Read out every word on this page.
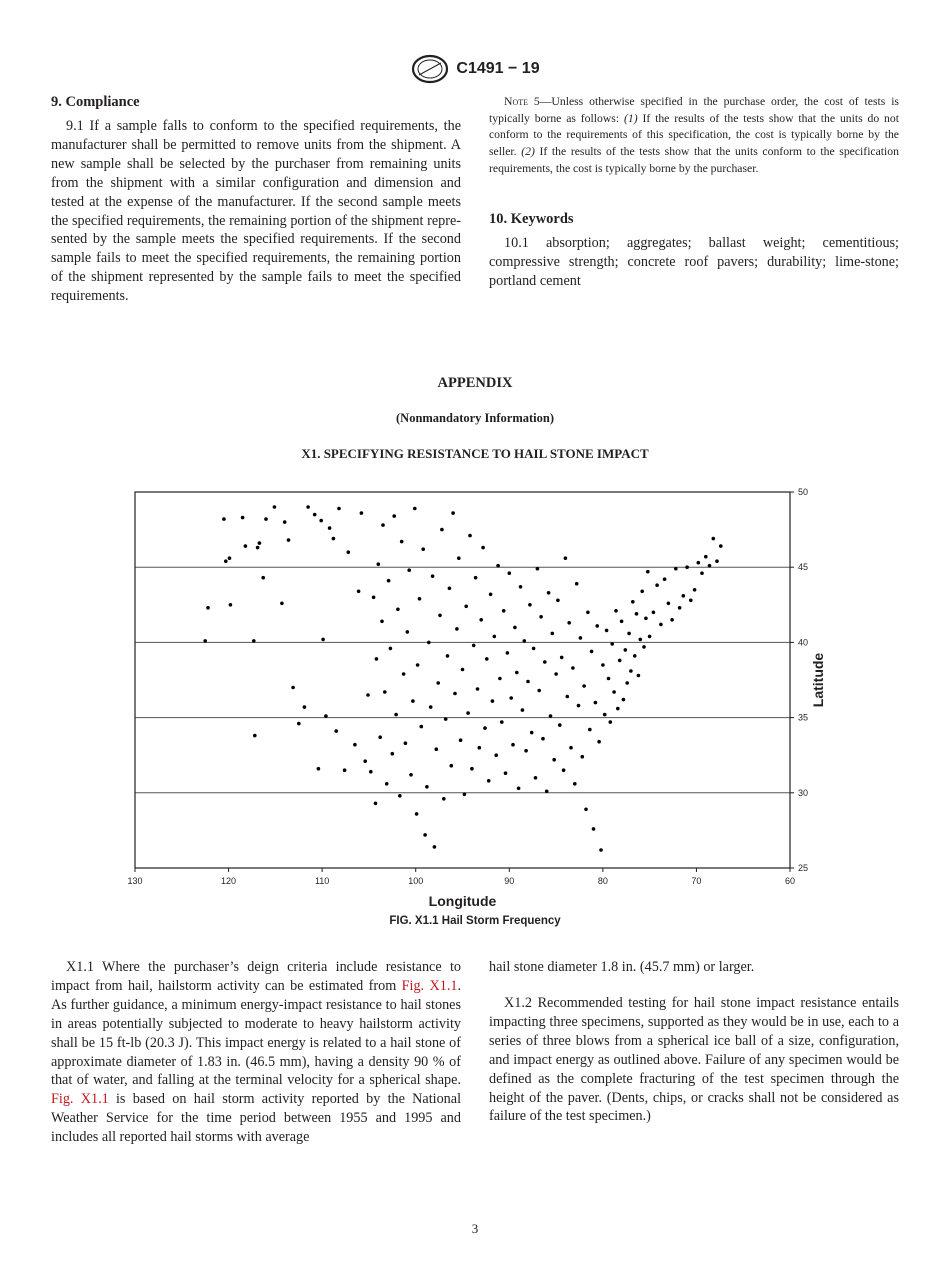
C1491 − 19
9. Compliance

9.1 If a sample falls to conform to the specified requirements, the manufacturer shall be permitted to remove units from the shipment. A new sample shall be selected by the purchaser from remaining units from the shipment with a similar configuration and dimension and tested at the expense of the manufacturer. If the second sample meets the specified requirements, the remaining portion of the shipment repre-sented by the sample meets the specified requirements. If the second sample fails to meet the specified requirements, the remaining portion of the shipment represented by the sample fails to meet the specified requirements.

Note 5—Unless otherwise specified in the purchase order, the cost of tests is typically borne as follows: (1) If the results of the tests show that the units do not conform to the requirements of this specification, the cost is typically borne by the seller. (2) If the results of the tests show that the units conform to the specification requirements, the cost is typically borne by the purchaser.

10. Keywords

10.1 absorption; aggregates; ballast weight; cementitious; compressive strength; concrete roof pavers; durability; lime-stone; portland cement

APPENDIX
(Nonmandatory Information)
X1. SPECIFYING RESISTANCE TO HAIL STONE IMPACT
130	120	110	100	90	80	70	60
25
30
35
40
45
50
Longitude
Latitude
FIG. X1.1 Hail Storm Frequency

X1.1 Where the purchaser’s deign criteria include resistance to impact from hail, hailstorm activity can be estimated from Fig. X1.1. As further guidance, a minimum energy-impact resistance to hail stones in areas potentially subjected to moderate to heavy hailstorm activity shall be 15 ft-lb (20.3 J). This impact energy is related to a hail stone of approximate diameter of 1.83 in. (46.5 mm), having a density 90 % of that of water, and falling at the terminal velocity for a spherical shape. Fig. X1.1 is based on hail storm activity reported by the National Weather Service for the time period between 1955 and 1995 and includes all reported hail storms with average

hail stone diameter 1.8 in. (45.7 mm) or larger.

X1.2 Recommended testing for hail stone impact resistance entails impacting three specimens, supported as they would be in use, each to a series of three blows from a spherical ice ball of a size, configuration, and impact energy as outlined above. Failure of any specimen would be defined as the complete fracturing of the test specimen through the height of the paver. (Dents, chips, or cracks shall not be considered as failure of the test specimen.)

3
